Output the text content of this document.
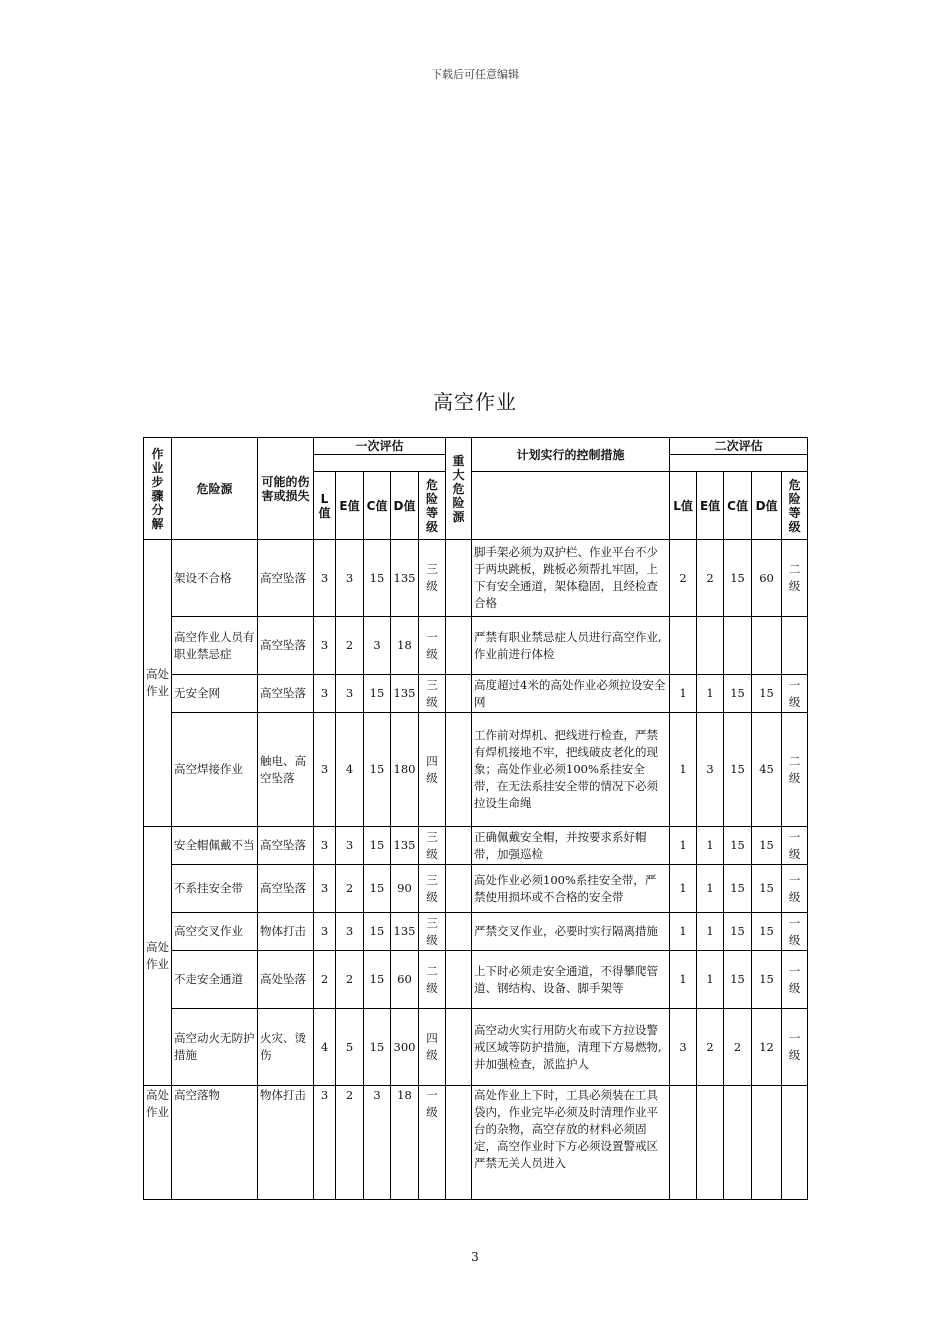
下载后可任意编辑
高空作业
作业步骤分解	危险源	可能的伤害或损失	一次评估					重大危险源	计划实行的控制措施	二次评估				

			L值	E值	C值	D值	危险等级			L值	E值	C值	D值	危险等级
高处作业	架设不合格	高空坠落	3	3	15	135	三级		脚手架必须为双护栏、作业平台不少于两块跳板，跳板必须帮扎牢固，上下有安全通道，架体稳固，且经检查合格	2	2	15	60	二级
	高空作业人员有职业禁忌症	高空坠落	3	2	3	18	一级		严禁有职业禁忌症人员进行高空作业,作业前进行体检					
	无安全网	高空坠落	3	3	15	135	三级		高度超过4米的高处作业必须拉设安全网	1	1	15	15	一级
	高空焊接作业	触电、高空坠落	3	4	15	180	四级		工作前对焊机、把线进行检查，严禁有焊机接地不牢，把线破皮老化的现象；高处作业必须100%系挂安全带，在无法系挂安全带的情况下必须拉设生命绳	1	3	15	45	二级
高处作业	安全帽佩戴不当	高空坠落	3	3	15	135	三级		正确佩戴安全帽，并按要求系好帽带，加强巡检	1	1	15	15	一级
	不系挂安全带	高空坠落	3	2	15	90	三级		高处作业必须100%系挂安全带，严禁使用损坏或不合格的安全带	1	1	15	15	一级
	高空交叉作业	物体打击	3	3	15	135	三级		严禁交叉作业，必要时实行隔离措施	1	1	15	15	一级
	不走安全通道	高处坠落	2	2	15	60	二级		上下时必须走安全通道，不得攀爬管道、钢结构、设备、脚手架等	1	1	15	15	一级
	高空动火无防护措施	火灾、烫伤	4	5	15	300	四级		高空动火实行用防火布或下方拉设警戒区域等防护措施，清理下方易燃物,并加强检查，派监护人	3	2	2	12	一级
高处作业	高空落物	物体打击	3	2	3	18	一级		高处作业上下时，工具必须装在工具袋内，作业完毕必须及时清理作业平台的杂物，高空存放的材料必须固定，高空作业时下方必须设置警戒区严禁无关人员进入					
3
